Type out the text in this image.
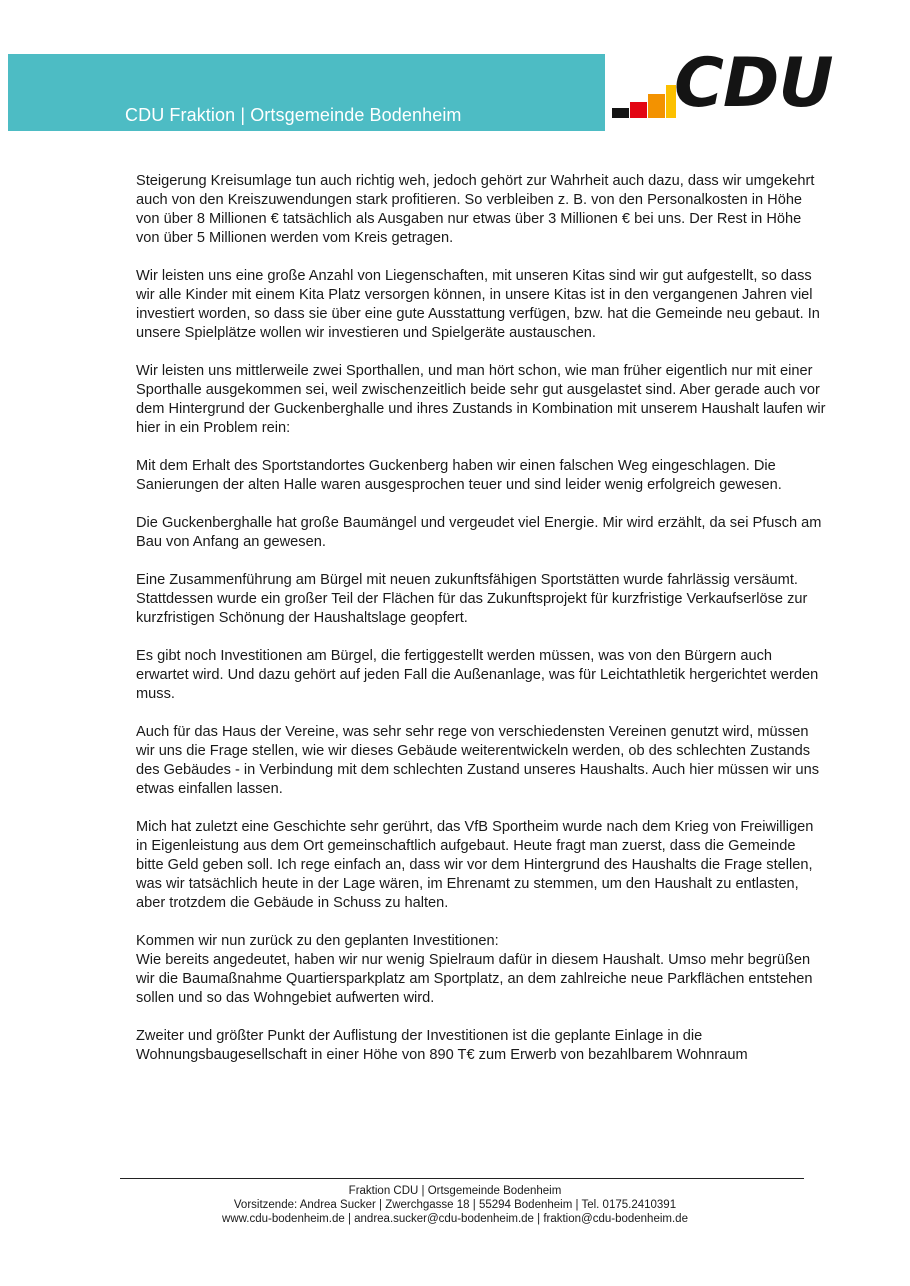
CDU Fraktion | Ortsgemeinde Bodenheim	CDU

Steigerung Kreisumlage tun auch richtig weh, jedoch gehört zur Wahrheit auch dazu, dass wir umgekehrt auch von den Kreiszuwendungen stark profitieren. So verbleiben z. B. von den Personalkosten in Höhe von über 8 Millionen € tatsächlich als Ausgaben nur etwas über 3 Millionen € bei uns. Der Rest in Höhe von über 5 Millionen werden vom Kreis getragen.

Wir leisten uns eine große Anzahl von Liegenschaften, mit unseren Kitas sind wir gut aufgestellt, so dass wir alle Kinder mit einem Kita Platz versorgen können, in unsere Kitas ist in den vergangenen Jahren viel investiert worden, so dass sie über eine gute Ausstattung verfügen, bzw. hat die Gemeinde neu gebaut. In unsere Spielplätze wollen wir investieren und Spielgeräte austauschen.

Wir leisten uns mittlerweile zwei Sporthallen, und man hört schon, wie man früher eigentlich nur mit einer Sporthalle ausgekommen sei, weil zwischenzeitlich beide sehr gut ausgelastet sind. Aber gerade auch vor dem Hintergrund der Guckenberghalle und ihres Zustands in Kombination mit unserem Haushalt laufen wir hier in ein Problem rein:

Mit dem Erhalt des Sportstandortes Guckenberg haben wir einen falschen Weg eingeschlagen. Die Sanierungen der alten Halle waren ausgesprochen teuer und sind leider wenig erfolgreich gewesen.

Die Guckenberghalle hat große Baumängel und vergeudet viel Energie. Mir wird erzählt, da sei Pfusch am Bau von Anfang an gewesen.

Eine Zusammenführung am Bürgel mit neuen zukunftsfähigen Sportstätten wurde fahrlässig versäumt. Stattdessen wurde ein großer Teil der Flächen für das Zukunftsprojekt für kurzfristige Verkaufserlöse zur kurzfristigen Schönung der Haushaltslage geopfert.

Es gibt noch Investitionen am Bürgel, die fertiggestellt werden müssen, was von den Bürgern auch erwartet wird. Und dazu gehört auf jeden Fall die Außenanlage, was für Leichtathletik hergerichtet werden muss.

Auch für das Haus der Vereine, was sehr sehr rege von verschiedensten Vereinen genutzt wird, müssen wir uns die Frage stellen, wie wir dieses Gebäude weiterentwickeln werden, ob des schlechten Zustands des Gebäudes - in Verbindung mit dem schlechten Zustand unseres Haushalts. Auch hier müssen wir uns etwas einfallen lassen.

Mich hat zuletzt eine Geschichte sehr gerührt, das VfB Sportheim wurde nach dem Krieg von Freiwilligen in Eigenleistung aus dem Ort gemeinschaftlich aufgebaut. Heute fragt man zuerst, dass die Gemeinde bitte Geld geben soll. Ich rege einfach an, dass wir vor dem Hintergrund des Haushalts die Frage stellen, was wir tatsächlich heute in der Lage wären, im Ehrenamt zu stemmen, um den Haushalt zu entlasten, aber trotzdem die Gebäude in Schuss zu halten.

Kommen wir nun zurück zu den geplanten Investitionen:

Wie bereits angedeutet, haben wir nur wenig Spielraum dafür in diesem Haushalt. Umso mehr begrüßen wir die Baumaßnahme Quartiersparkplatz am Sportplatz, an dem zahlreiche neue Parkflächen entstehen sollen und so das Wohngebiet aufwerten wird.

Zweiter und größter Punkt der Auflistung der Investitionen ist die geplante Einlage in die Wohnungsbaugesellschaft in einer Höhe von 890 T€ zum Erwerb von bezahlbarem Wohnraum

Fraktion CDU | Ortsgemeinde Bodenheim
Vorsitzende: Andrea Sucker | Zwerchgasse 18 | 55294 Bodenheim | Tel. 0175.2410391
www.cdu-bodenheim.de | andrea.sucker@cdu-bodenheim.de | fraktion@cdu-bodenheim.de
